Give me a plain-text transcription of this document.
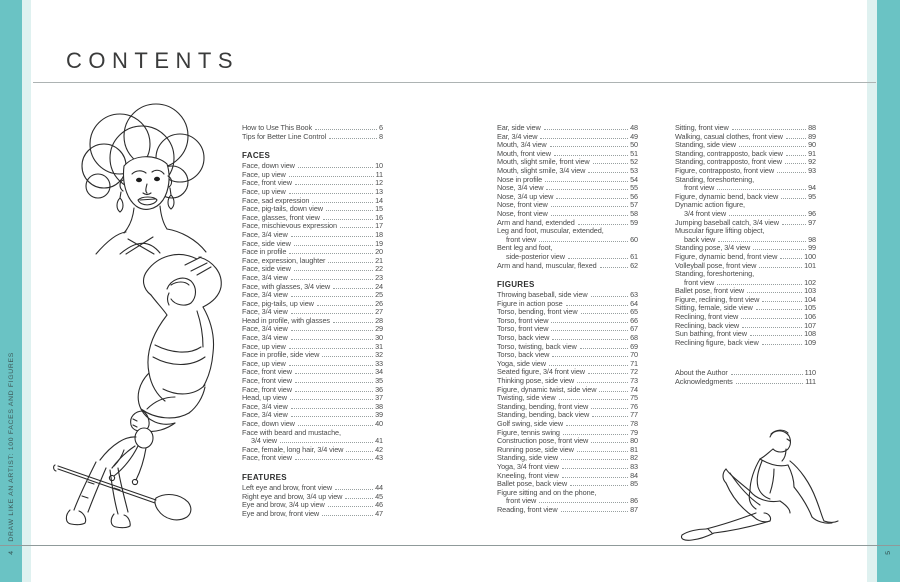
CONTENTS
DRAW LIKE AN ARTIST: 100 FACES AND FIGURES
4	5
How to Use This Book	6
Tips for Better Line Control	8
FACES
Face, down view	10
Face, up view	11
Face, front view	12
Face, up view	13
Face, sad expression	14
Face, pig-tails, down view	15
Face, glasses, front view	16
Face, mischievous expression	17
Face, 3/4 view	18
Face, side view	19
Face in profile	20
Face, expression, laughter	21
Face, side view	22
Face, 3/4 view	23
Face, with glasses, 3/4 view	24
Face, 3/4 view	25
Face, pig-tails, up view	26
Face, 3/4 view	27
Head in profile, with glasses	28
Face, 3/4 view	29
Face, 3/4 view	30
Face, up view	31
Face in profile, side view	32
Face, up view	33
Face, front view	34
Face, front view	35
Face, front view	36
Head, up view	37
Face, 3/4 view	38
Face, 3/4 view	39
Face, down view	40
Face with beard and mustache,
3/4 view	41
Face, female, long hair, 3/4 view	42
Face, front view	43
FEATURES
Left eye and brow, front view	44
Right eye and brow, 3/4 up view	45
Eye and brow, 3/4 up view	46
Eye and brow, front view	47
Ear, side view	48
Ear, 3/4 view	49
Mouth, 3/4 view	50
Mouth, front view	51
Mouth, slight smile, front view	52
Mouth, slight smile, 3/4 view	53
Nose in profile	54
Nose, 3/4 view	55
Nose, 3/4 up view	56
Nose, front view	57
Nose, front view	58
Arm and hand, extended	59
Leg and foot, muscular, extended,
front view	60
Bent leg and foot,
side-posterior view	61
Arm and hand, muscular, flexed	62
FIGURES
Throwing baseball, side view	63
Figure in action pose	64
Torso, bending, front view	65
Torso, front view	66
Torso, front view	67
Torso, back view	68
Torso, twisting, back view	69
Torso, back view	70
Yoga, side view	71
Seated figure, 3/4 front view	72
Thinking pose, side view	73
Figure, dynamic twist, side view	74
Twisting, side view	75
Standing, bending, front view	76
Standing, bending, back view	77
Golf swing, side view	78
Figure, tennis swing	79
Construction pose, front view	80
Running pose, side view	81
Standing, side view	82
Yoga, 3/4 front view	83
Kneeling, front view	84
Ballet pose, back view	85
Figure sitting and on the phone,
front view	86
Reading, front view	87
Sitting, front view	88
Walking, casual clothes, front view	89
Standing, side view	90
Standing, contrapposto, back view	91
Standing, contrapposto, front view	92
Figure, contrapposto, front view	93
Standing, foreshortening,
front view	94
Figure, dynamic bend, back view	95
Dynamic action figure,
3/4 front view	96
Jumping baseball catch, 3/4 view	97
Muscular figure lifting object,
back view	98
Standing pose, 3/4 view	99
Figure, dynamic bend, front view	100
Volleyball pose, front view	101
Standing, foreshortening,
front view	102
Ballet pose, front view	103
Figure, reclining, front view	104
Sitting, female, side view	105
Reclining, front view	106
Reclining, back view	107
Sun bathing, front view	108
Reclining figure, back view	109
About the Author	110
Acknowledgments	111
